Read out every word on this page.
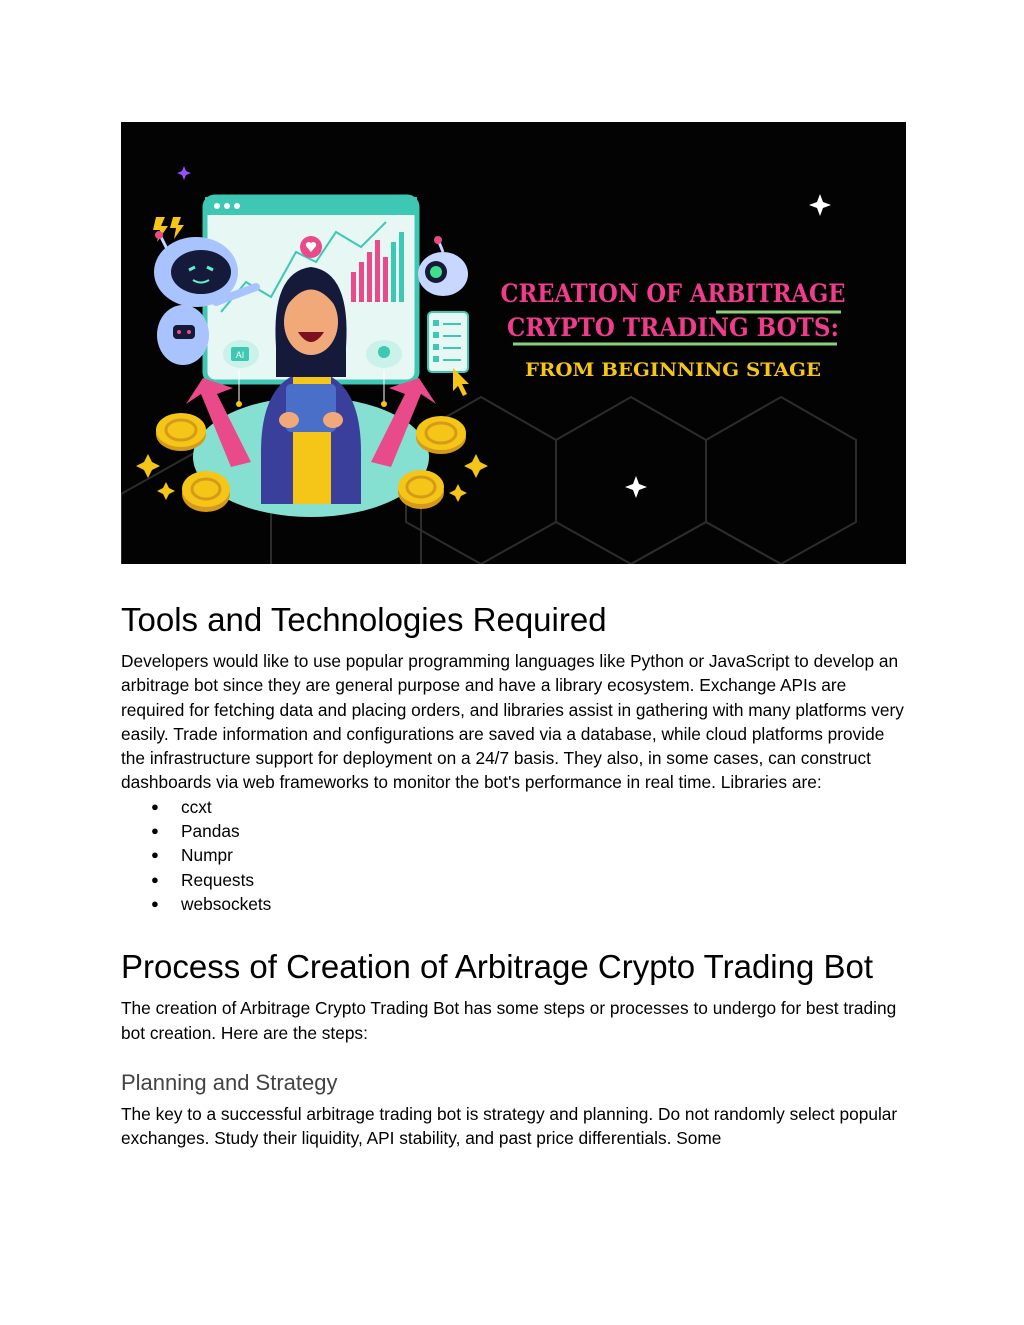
AI
CREATION OF ARBITRAGE
CRYPTO TRADING BOTS:
FROM BEGINNING STAGE
Tools and Technologies Required

Developers would like to use popular programming languages like Python or JavaScript to develop an arbitrage bot since they are general purpose and have a library ecosystem. Exchange APIs are required for fetching data and placing orders, and libraries assist in gathering with many platforms very easily. Trade information and configurations are saved via a database, while cloud platforms provide the infrastructure support for deployment on a 24/7 basis. They also, in some cases, can construct dashboards via web frameworks to monitor the bot's performance in real time. Libraries are:

● ccxt
● Pandas
● Numpr
● Requests
● websockets
Process of Creation of Arbitrage Crypto Trading Bot

The creation of Arbitrage Crypto Trading Bot has some steps or processes to undergo for best trading bot creation. Here are the steps:

Planning and Strategy

The key to a successful arbitrage trading bot is strategy and planning. Do not randomly select popular exchanges. Study their liquidity, API stability, and past price differentials. Some
